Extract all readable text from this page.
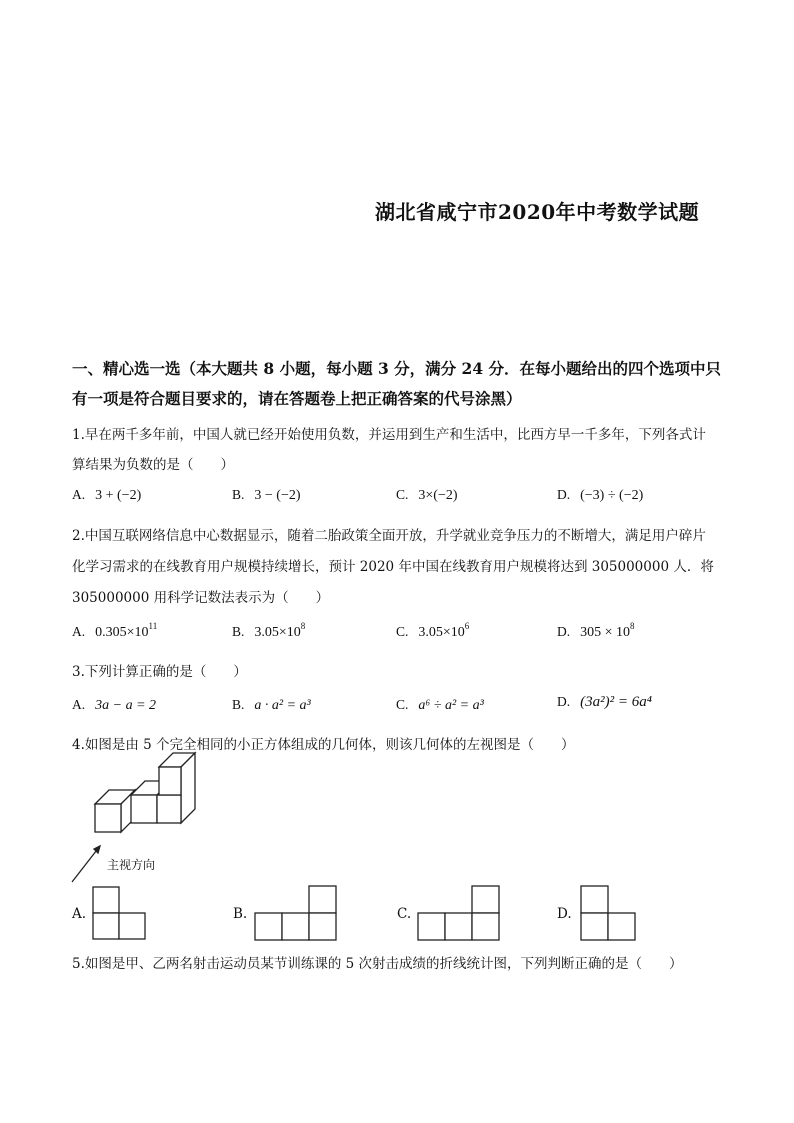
湖北省咸宁市2020年中考数学试题
一、精心选一选（本大题共 8 小题，每小题 3 分，满分 24 分．在每小题给出的四个选项中只
有一项是符合题目要求的，请在答题卷上把正确答案的代号涂黑）
1.早在两千多年前，中国人就已经开始使用负数，并运用到生产和生活中，比西方早一千多年，下列各式计
算结果为负数的是（　　）
A. 3 + (−2)	B. 3 − (−2)	C. 3×(−2)	D. (−3) ÷ (−2)
2.中国互联网络信息中心数据显示，随着二胎政策全面开放，升学就业竞争压力的不断增大，满足用户碎片
化学习需求的在线教育用户规模持续增长，预计 2020 年中国在线教育用户规模将达到 305000000 人．将
305000000 用科学记数法表示为（　　）
A. $0.305\times 10^{11}$	B. $3.05\times 10^8$	C. $3.05\times 10^6$	D. $305 \times 10^8$
3.下列计算正确的是（　　）
A. 3a − a = 2	B. a · a² = a³	C. a⁶ ÷ a² = a³	D. (3a²)² = 6a⁴
4.如图是由 5 个完全相同的小正方体组成的几何体，则该几何体的左视图是（　　）
主视方向
A.	B.	C.	D.
5.如图是甲、乙两名射击运动员某节训练课的 5 次射击成绩的折线统计图，下列判断正确的是（　　）
